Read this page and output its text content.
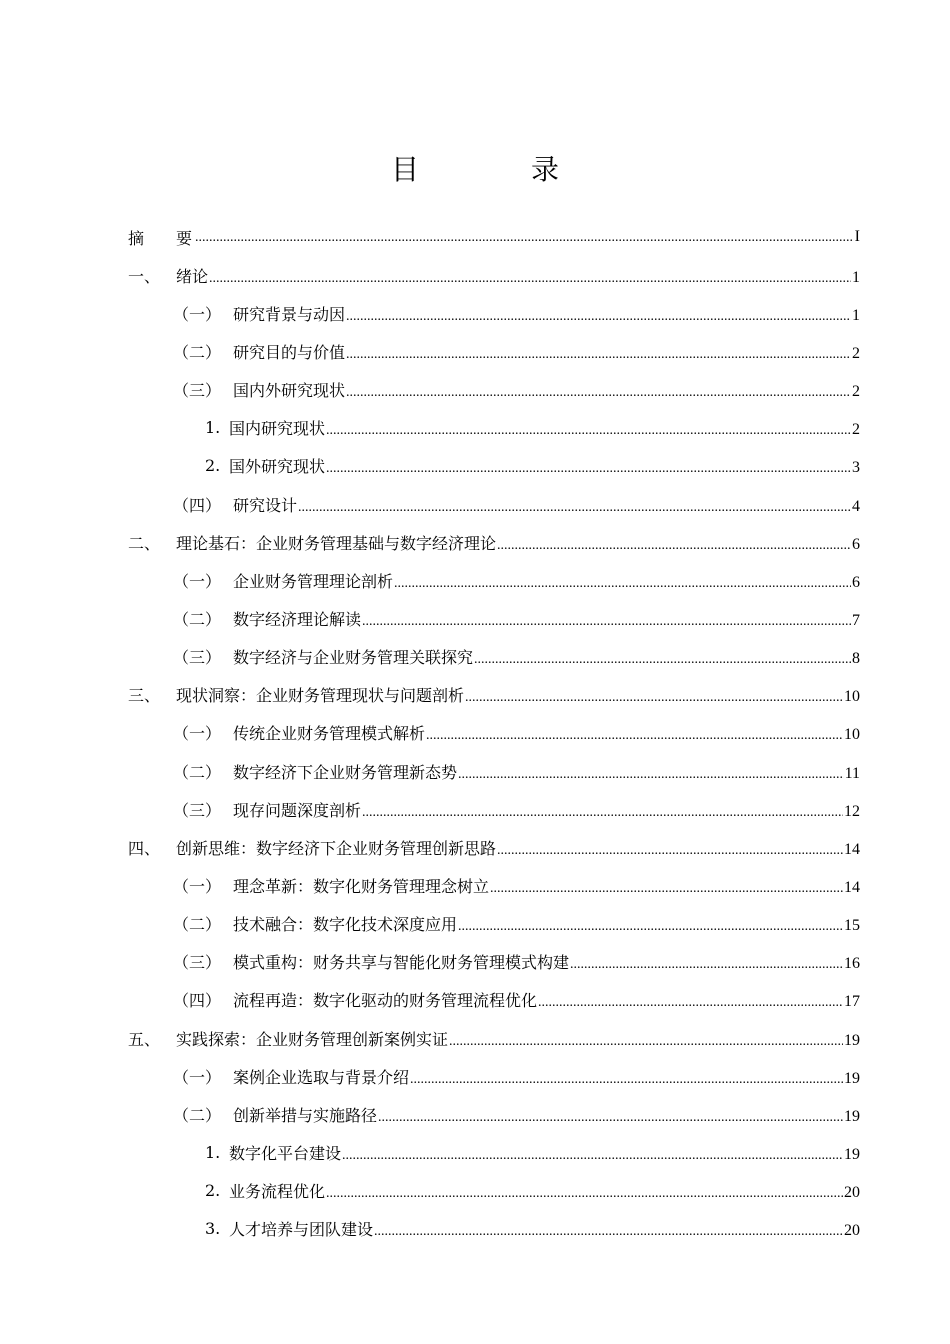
目　录
摘　　要 .....	I
一、 绪论 .....	1
（一） 研究背景与动因 .....	1
（二） 研究目的与价值 .....	2
（三） 国内外研究现状 .....	2
1. 国内研究现状 .....	2
2. 国外研究现状 .....	3
（四） 研究设计 .....	4
二、 理论基石：企业财务管理基础与数字经济理论 .....	6
（一） 企业财务管理理论剖析 .....	6
（二） 数字经济理论解读 .....	7
（三） 数字经济与企业财务管理关联探究 .....	8
三、 现状洞察：企业财务管理现状与问题剖析 .....	10
（一） 传统企业财务管理模式解析 .....	10
（二） 数字经济下企业财务管理新态势 .....	11
（三） 现存问题深度剖析 .....	12
四、 创新思维：数字经济下企业财务管理创新思路 .....	14
（一） 理念革新：数字化财务管理理念树立 .....	14
（二） 技术融合：数字化技术深度应用 .....	15
（三） 模式重构：财务共享与智能化财务管理模式构建 .....	16
（四） 流程再造：数字化驱动的财务管理流程优化 .....	17
五、 实践探索：企业财务管理创新案例实证 .....	19
（一） 案例企业选取与背景介绍 .....	19
（二） 创新举措与实施路径 .....	19
1. 数字化平台建设 .....	19
2. 业务流程优化 .....	20
3. 人才培养与团队建设 .....	20
